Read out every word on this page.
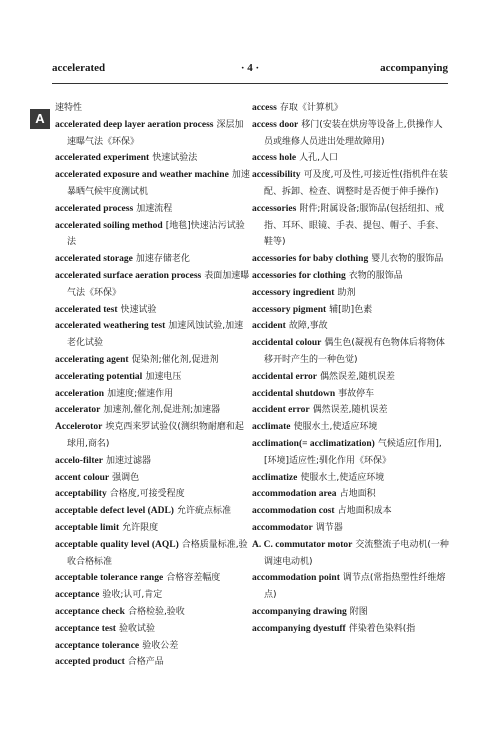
accelerated	· 4 ·	accompanying
A

速特性

accelerated deep layer aeration process 深层加速曝气法《环保》

accelerated experiment 快速试验法

accelerated exposure and weather machine 加速暴晒气候牢度测试机

accelerated process 加速流程

accelerated soiling method [地毯]快速沾污试验法

accelerated storage 加速存储老化

accelerated surface aeration process 表面加速曝气法《环保》

accelerated test 快速试验

accelerated weathering test 加速风蚀试验,加速老化试验

accelerating agent 促染剂;催化剂,促进剂

accelerating potential 加速电压

acceleration 加速度;催速作用

accelerator 加速剂,催化剂,促进剂;加速器

Accelerotor 埃克西来罗试验仪(测织物耐磨和起球用,商名)

accelo-filter 加速过滤器

accent colour 强调色

acceptability 合格度,可接受程度

acceptable defect level (ADL) 允许疵点标准

acceptable limit 允许限度

acceptable quality level (AQL) 合格质量标准,验收合格标准

acceptable tolerance range 合格容差幅度

acceptance 验收;认可,肯定

acceptance check 合格检验,验收

acceptance test 验收试验

acceptance tolerance 验收公差

accepted product 合格产品

access 存取《计算机》

access door 移门(安装在烘房等设备上,供操作人员或维修人员进出处理故障用)

access hole 人孔,人口

accessibility 可及度,可及性,可接近性(指机件在装配、拆卸、检查、调整时是否便于伸手操作)

accessories 附件;附属设备;服饰品(包括纽扣、戒指、耳环、眼镜、手表、提包、帽子、手套、鞋等)

accessories for baby clothing 婴儿衣物的服饰品

accessories for clothing 衣物的服饰品

accessory ingredient 助剂

accessory pigment 辅[助]色素

accident 故障,事故

accidental colour 偶生色(凝视有色物体后将物体移开时产生的一种色觉)

accidental error 偶然误差,随机误差

accidental shutdown 事故停车

accident error 偶然误差,随机误差

acclimate 使服水土,使适应环境

acclimation(= acclimatization) 气候适应[作用],[环境]适应性;驯化作用《环保》

acclimatize 使服水土,使适应环境

accommodation area 占地面积

accommodation cost 占地面积成本

accommodator 调节器

A. C. commutator motor 交流整流子电动机(一种调速电动机)

accommodation point 调节点(常指热塑性纤维熔点)

accompanying drawing 附图

accompanying dyestuff 伴染着色染料(指
